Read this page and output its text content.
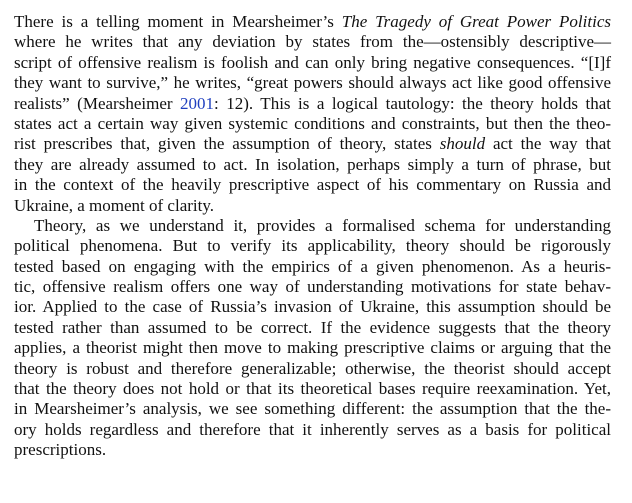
There is a telling moment in Mearsheimer’s The Tragedy of Great Power Politics
where he writes that any deviation by states from the—ostensibly descriptive—
script of offensive realism is foolish and can only bring negative consequences. “[I]f
they want to survive,” he writes, “great powers should always act like good offensive
realists” (Mearsheimer 2001: 12). This is a logical tautology: the theory holds that
states act a certain way given systemic conditions and constraints, but then the theo-
rist prescribes that, given the assumption of theory, states should act the way that
they are already assumed to act. In isolation, perhaps simply a turn of phrase, but
in the context of the heavily prescriptive aspect of his commentary on Russia and
Ukraine, a moment of clarity.
Theory, as we understand it, provides a formalised schema for understanding
political phenomena. But to verify its applicability, theory should be rigorously
tested based on engaging with the empirics of a given phenomenon. As a heuris-
tic, offensive realism offers one way of understanding motivations for state behav-
ior. Applied to the case of Russia’s invasion of Ukraine, this assumption should be
tested rather than assumed to be correct. If the evidence suggests that the theory
applies, a theorist might then move to making prescriptive claims or arguing that the
theory is robust and therefore generalizable; otherwise, the theorist should accept
that the theory does not hold or that its theoretical bases require reexamination. Yet,
in Mearsheimer’s analysis, we see something different: the assumption that the the-
ory holds regardless and therefore that it inherently serves as a basis for political
prescriptions.
